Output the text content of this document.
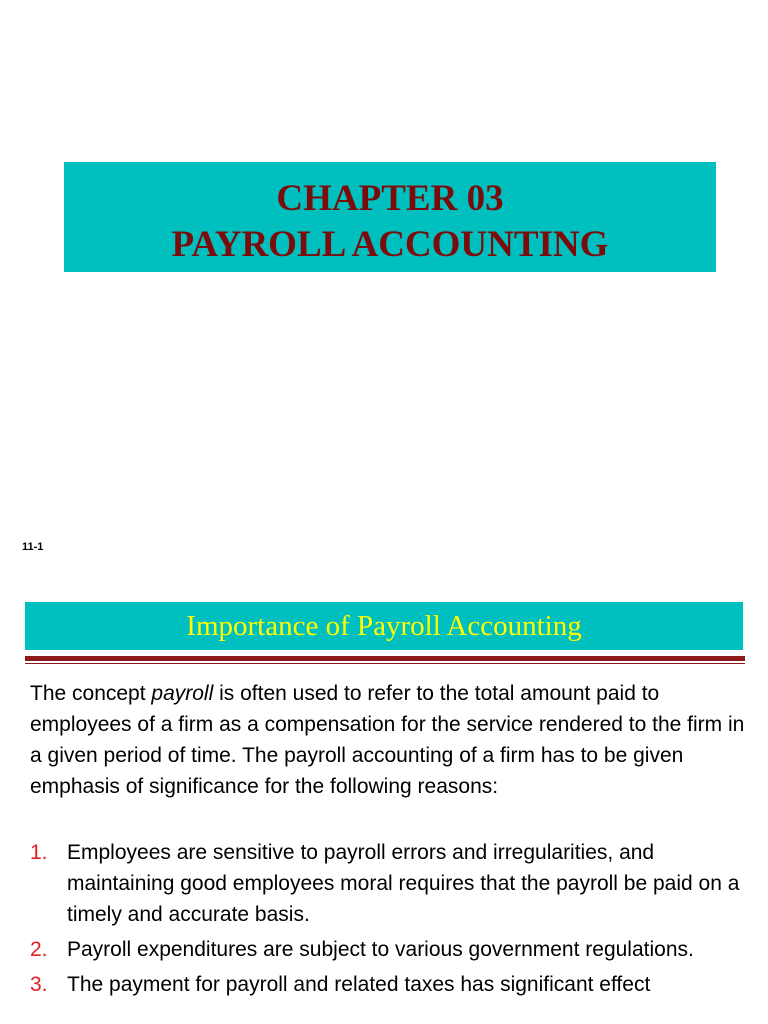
CHAPTER 03
PAYROLL ACCOUNTING
11-1
Importance of Payroll Accounting

The concept payroll is often used to refer to the total amount paid to employees of a firm as a compensation for the service rendered to the firm in a given period of time. The payroll accounting of a firm has to be given emphasis of significance for the following reasons:

1. Employees are sensitive to payroll errors and irregularities, and maintaining good employees moral requires that the payroll be paid on a timely and accurate basis.
2. Payroll expenditures are subject to various government regulations.
3. The payment for payroll and related taxes has significant effect
